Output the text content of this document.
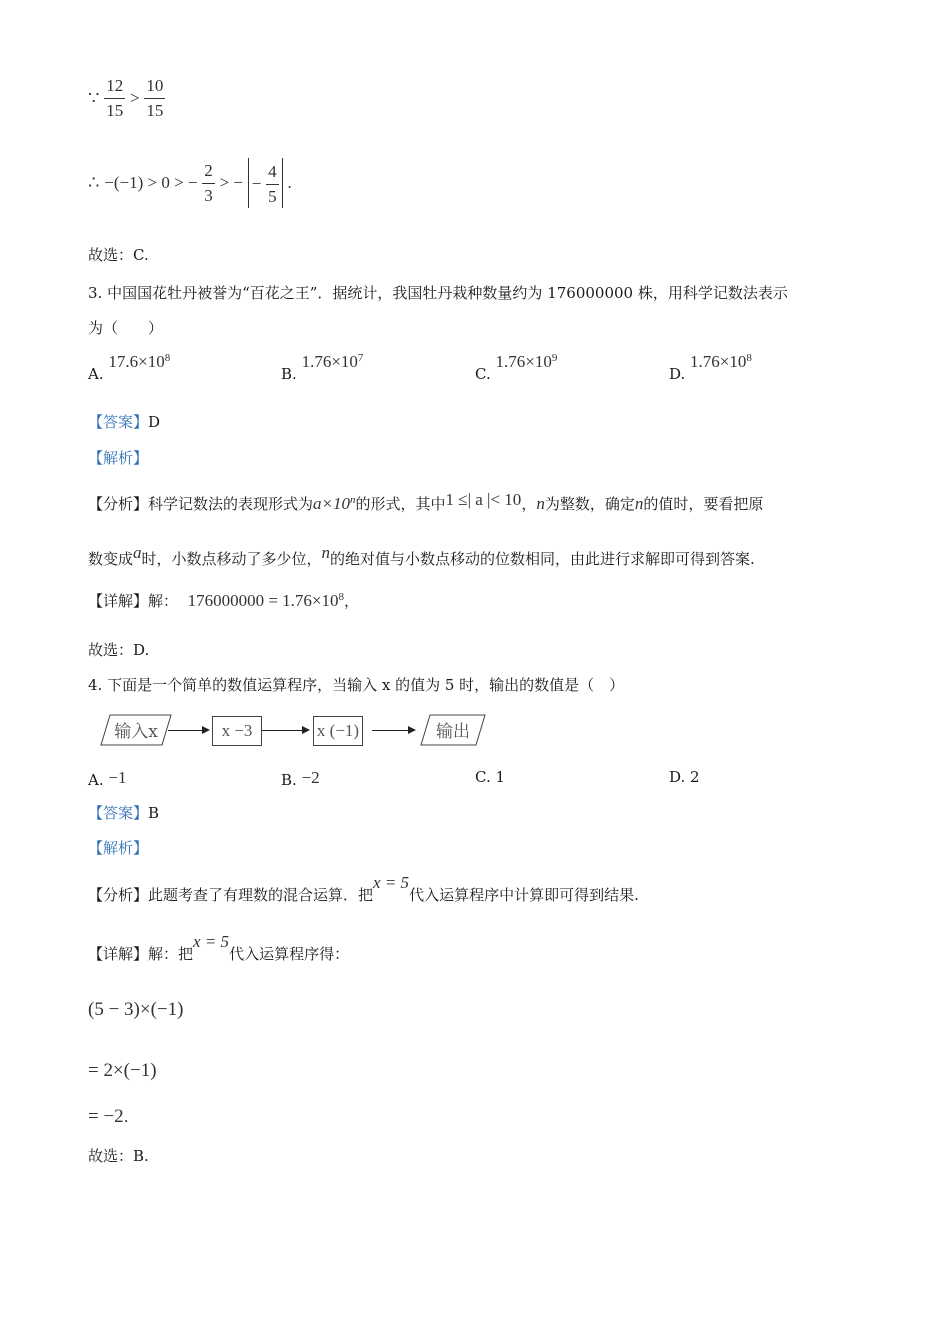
∵ $\frac{12}{15} > \frac{10}{15}$
∴ −(−1) > 0 > − $\frac{2}{3}$ > − − $\frac{4}{5}$ .
故选：C.
3. 中国国花牡丹被誉为“百花之王”．据统计，我国牡丹栽种数量约为 176000000 株，用科学记数法表示
为（　　）
A. $17.6\times 10^8$
B. $1.76\times 10^7$
C. $1.76\times 10^9$
D. $1.76\times 10^8$
【答案】D
【解析】
【分析】科学记数法的表现形式为$a\times 10^n$的形式，其中1 ≤| a |< 10，n为整数，确定n的值时，要看把原
数变成a时，小数点移动了多少位，n的绝对值与小数点移动的位数相同，由此进行求解即可得到答案.
【详解】解： $176000000 = 1.76\times 10^8$，
故选：D.
4. 下面是一个简单的数值运算程序，当输入 x 的值为 5 时，输出的数值是（　）
输入x	x −3	x (−1)	输出
A. −1	B. −2	C. 1	D. 2
【答案】B
【解析】
【分析】此题考查了有理数的混合运算．把x = 5代入运算程序中计算即可得到结果.
【详解】解：把x = 5代入运算程序得：
(5 − 3)×(−1)
= 2×(−1)
= −2.
故选：B.
